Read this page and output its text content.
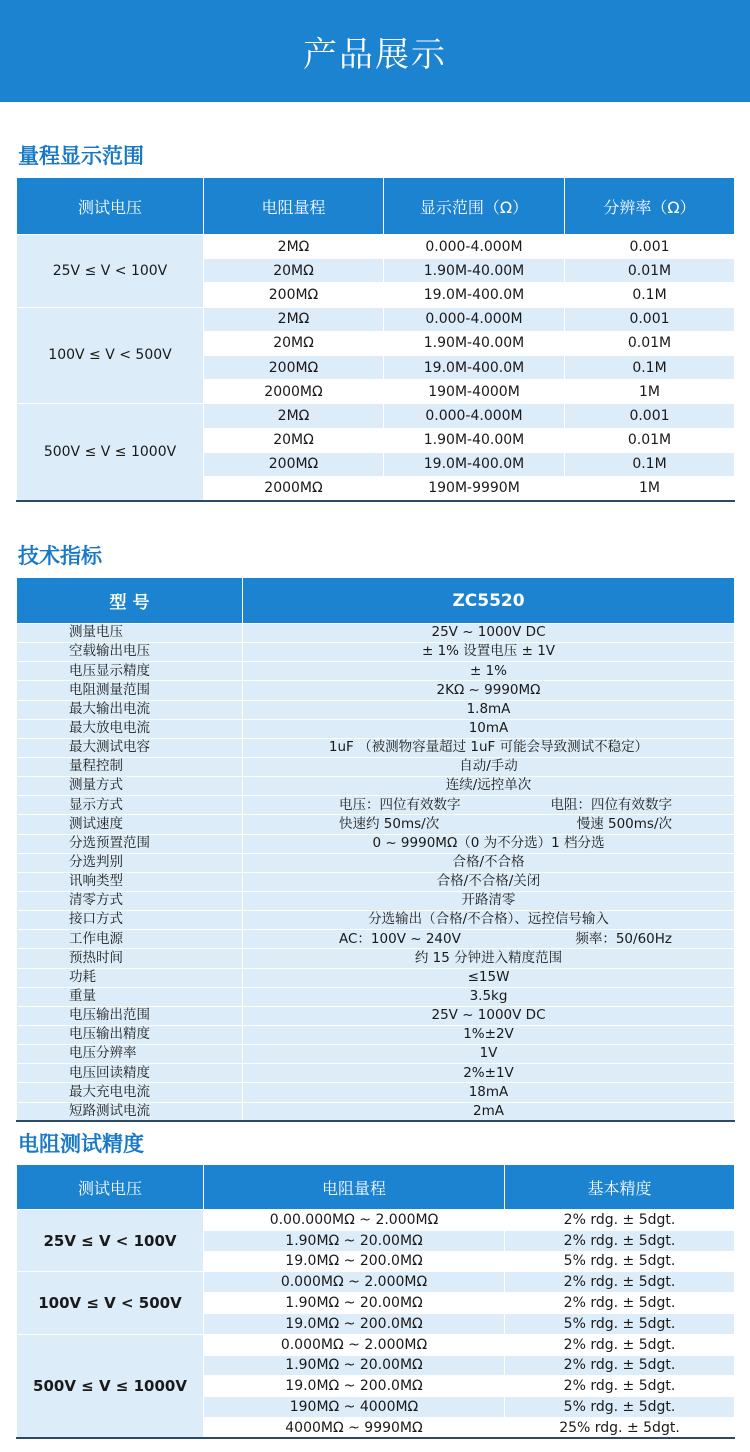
产品展示
量程显示范围
测试电压	电阻量程	显示范围（Ω）	分辨率（Ω）
25V ≤ V < 100V	2MΩ	0.000-4.000M	0.001
	20MΩ	1.90M-40.00M	0.01M
	200MΩ	19.0M-400.0M	0.1M
100V ≤ V < 500V	2MΩ	0.000-4.000M	0.001
	20MΩ	1.90M-40.00M	0.01M
	200MΩ	19.0M-400.0M	0.1M
	2000MΩ	190M-4000M	1M
500V ≤ V ≤ 1000V	2MΩ	0.000-4.000M	0.001
	20MΩ	1.90M-40.00M	0.01M
	200MΩ	19.0M-400.0M	0.1M
	2000MΩ	190M-9990M	1M
技术指标
型 号	ZC5520
测量电压	25V ~ 1000V DC
空载输出电压	± 1% 设置电压 ± 1V
电压显示精度	± 1%
电阻测量范围	2KΩ ~ 9990MΩ
最大输出电流	1.8mA
最大放电电流	10mA
最大测试电容	1uF （被测物容量超过 1uF 可能会导致测试不稳定）
量程控制	自动/手动
测量方式	连续/远控单次
显示方式	电压：四位有效数字 电阻：四位有效数字

测试速度	快速约 50ms/次 慢速 500ms/次

分选预置范围	0 ~ 9990MΩ（0 为不分选）1 档分选
分选判别	合格/不合格
讯响类型	合格/不合格/关闭
清零方式	开路清零
接口方式	分选输出（合格/不合格）、远控信号输入
工作电源	AC：100V ~ 240V 频率：50/60Hz

预热时间	约 15 分钟进入精度范围
功耗	≤15W
重量	3.5kg
电压输出范围	25V ~ 1000V DC
电压输出精度	1%±2V
电压分辨率	1V
电压回读精度	2%±1V
最大充电电流	18mA
短路测试电流	2mA
电阻测试精度
测试电压	电阻量程	基本精度
25V ≤ V < 100V	0.00.000MΩ ~ 2.000MΩ	2% rdg. ± 5dgt.
	1.90MΩ ~ 20.00MΩ	2% rdg. ± 5dgt.
	19.0MΩ ~ 200.0MΩ	5% rdg. ± 5dgt.
100V ≤ V < 500V	0.000MΩ ~ 2.000MΩ	2% rdg. ± 5dgt.
	1.90MΩ ~ 20.00MΩ	2% rdg. ± 5dgt.
	19.0MΩ ~ 200.0MΩ	5% rdg. ± 5dgt.
500V ≤ V ≤ 1000V	0.000MΩ ~ 2.000MΩ	2% rdg. ± 5dgt.
	1.90MΩ ~ 20.00MΩ	2% rdg. ± 5dgt.
	19.0MΩ ~ 200.0MΩ	2% rdg. ± 5dgt.
	190MΩ ~ 4000MΩ	5% rdg. ± 5dgt.
	4000MΩ ~ 9990MΩ	25% rdg. ± 5dgt.
